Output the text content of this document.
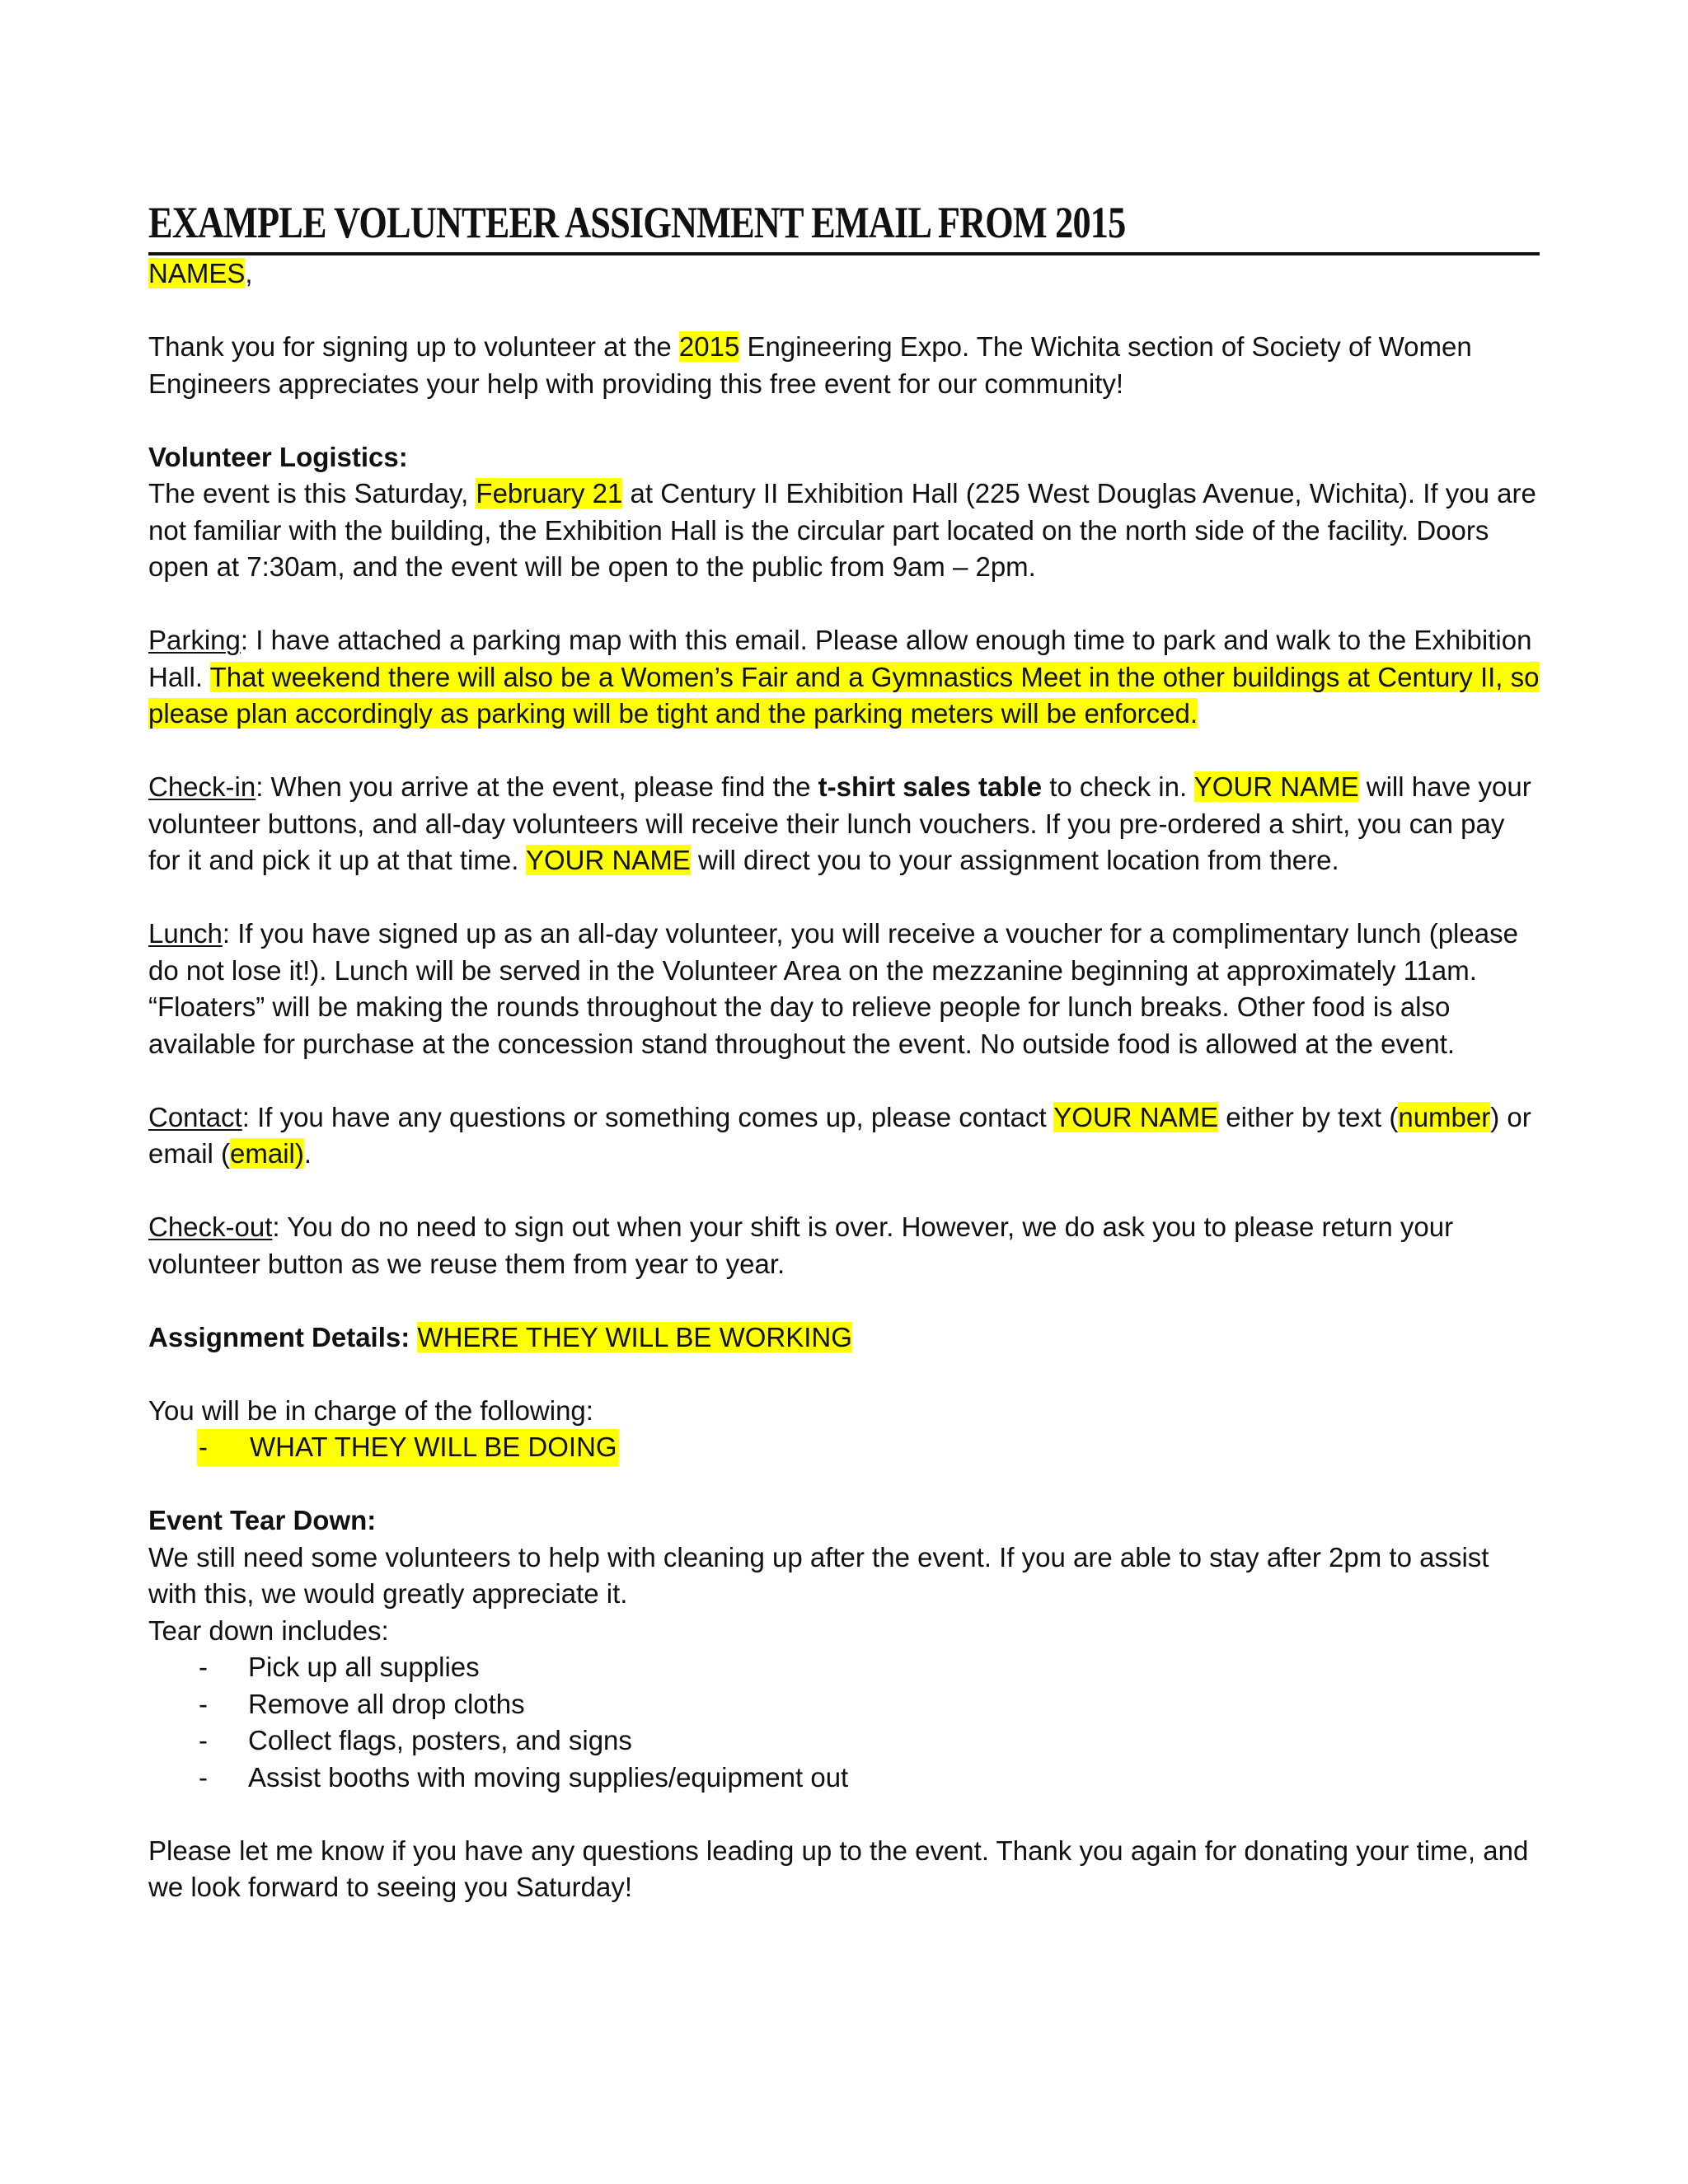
EXAMPLE VOLUNTEER ASSIGNMENT EMAIL FROM 2015

NAMES,

Thank you for signing up to volunteer at the 2015 Engineering Expo. The Wichita section of Society of Women Engineers appreciates your help with providing this free event for our community!

Volunteer Logistics:

The event is this Saturday, February 21 at Century II Exhibition Hall (225 West Douglas Avenue, Wichita). If you are not familiar with the building, the Exhibition Hall is the circular part located on the north side of the facility. Doors open at 7:30am, and the event will be open to the public from 9am – 2pm.

Parking: I have attached a parking map with this email. Please allow enough time to park and walk to the Exhibition Hall. That weekend there will also be a Women’s Fair and a Gymnastics Meet in the other buildings at Century II, so please plan accordingly as parking will be tight and the parking meters will be enforced.

Check-in: When you arrive at the event, please find the t-shirt sales table to check in. YOUR NAME will have your volunteer buttons, and all-day volunteers will receive their lunch vouchers. If you pre-ordered a shirt, you can pay for it and pick it up at that time. YOUR NAME will direct you to your assignment location from there.

Lunch: If you have signed up as an all-day volunteer, you will receive a voucher for a complimentary lunch (please do not lose it!). Lunch will be served in the Volunteer Area on the mezzanine beginning at approximately 11am. “Floaters” will be making the rounds throughout the day to relieve people for lunch breaks. Other food is also available for purchase at the concession stand throughout the event. No outside food is allowed at the event.

Contact: If you have any questions or something comes up, please contact YOUR NAME either by text (number) or email (email).

Check-out: You do no need to sign out when your shift is over. However, we do ask you to please return your volunteer button as we reuse them from year to year.

Assignment Details: WHERE THEY WILL BE WORKING

You will be in charge of the following:

- WHAT THEY WILL BE DOING

Event Tear Down:

We still need some volunteers to help with cleaning up after the event. If you are able to stay after 2pm to assist with this, we would greatly appreciate it.

Tear down includes:

- Pick up all supplies
- Remove all drop cloths
- Collect flags, posters, and signs
- Assist booths with moving supplies/equipment out

Please let me know if you have any questions leading up to the event. Thank you again for donating your time, and we look forward to seeing you Saturday!
